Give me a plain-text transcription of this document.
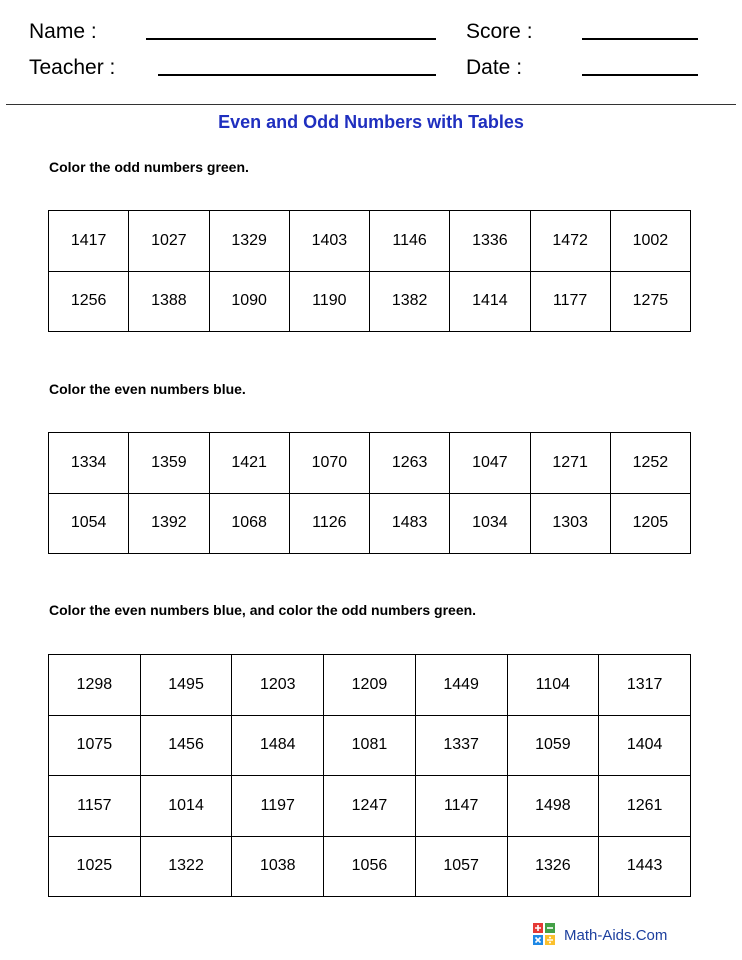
Name :	Score :
Teacher :	Date :
Even and Odd Numbers with Tables
Color the odd numbers green.
1417	1027	1329	1403	1146	1336	1472	1002
1256	1388	1090	1190	1382	1414	1177	1275
Color the even numbers blue.
1334	1359	1421	1070	1263	1047	1271	1252
1054	1392	1068	1126	1483	1034	1303	1205
Color the even numbers blue, and color the odd numbers green.
1298	1495	1203	1209	1449	1104	1317
1075	1456	1484	1081	1337	1059	1404
1157	1014	1197	1247	1147	1498	1261
1025	1322	1038	1056	1057	1326	1443
Math-Aids.Com
